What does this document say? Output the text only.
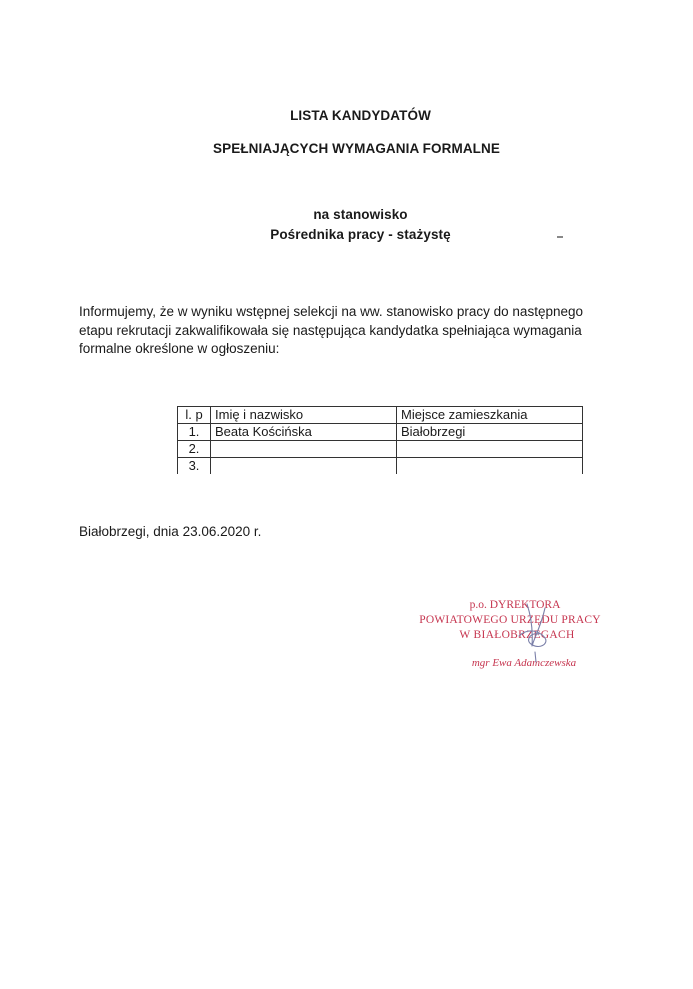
LISTA KANDYDATÓW
SPEŁNIAJĄCYCH WYMAGANIA FORMALNE
na stanowisko
Pośrednika pracy - stażystę
Informujemy, że w wyniku wstępnej selekcji na ww. stanowisko pracy do następnego
etapu rekrutacji zakwalifikowała się następująca kandydatka spełniająca wymagania
formalne określone w ogłoszeniu:
l. p	Imię i nazwisko	Miejsce zamieszkania
1.	Beata Kościńska	Białobrzegi
2.		
3.		
Białobrzegi, dnia 23.06.2020 r.
p.o. DYREKTORA
POWIATOWEGO URZĘDU PRACY
W BIAŁOBRZEGACH
mgr Ewa Adamczewska
